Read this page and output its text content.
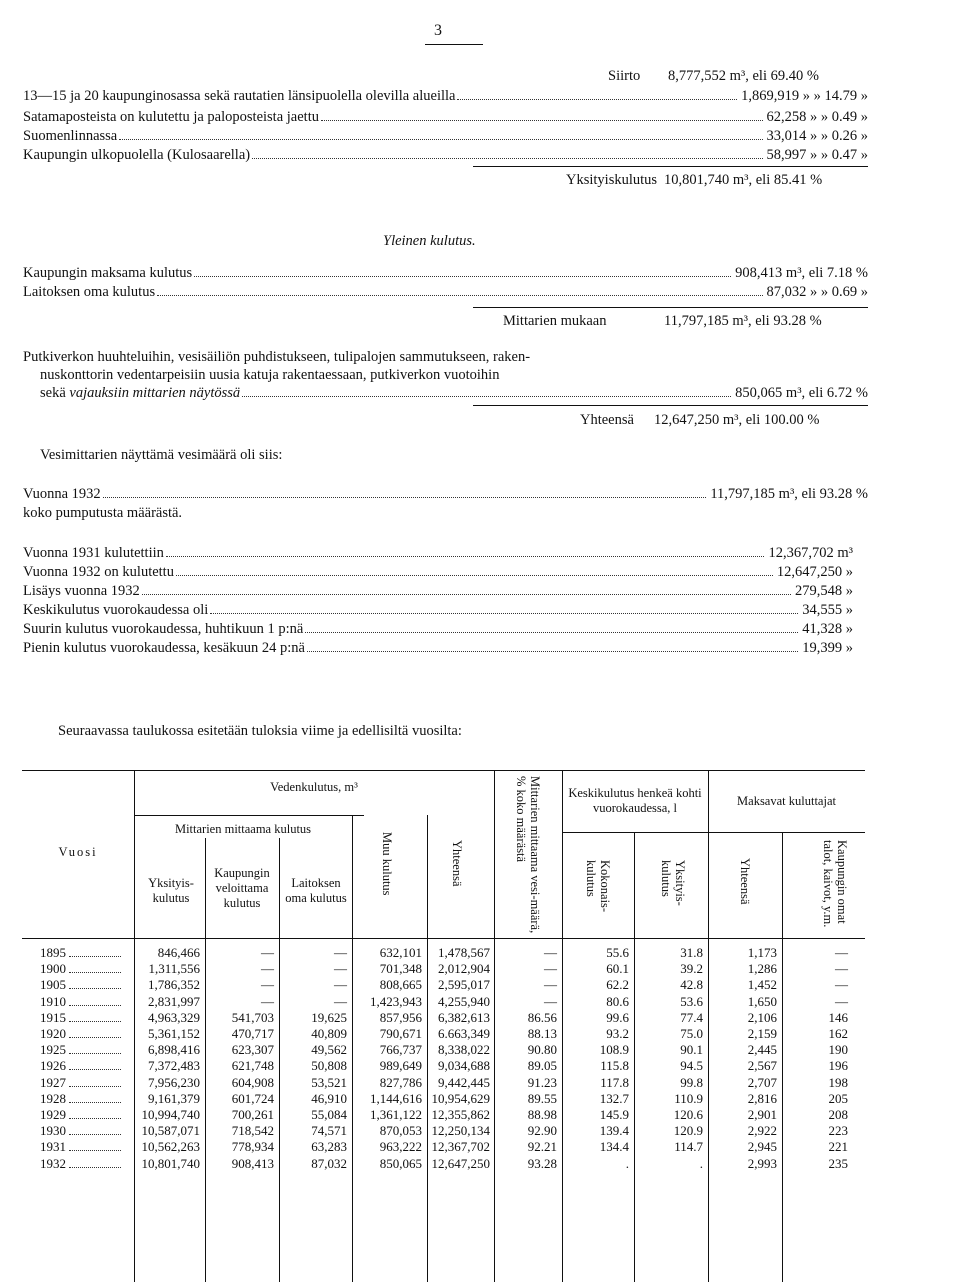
3
Siirto 8,777,552 m³, eli 69.40 %
13—15 ja 20 kaupunginosassa sekä rautatien länsipuolella olevilla alueilla	1,869,919 » » 14.79 »
Satamaposteista on kulutettu ja paloposteista jaettu	62,258 » » 0.49 »
Suomenlinnassa	33,014 » » 0.26 »
Kaupungin ulkopuolella (Kulosaarella)	58,997 » » 0.47 »
Yksityiskulutus 10,801,740 m³, eli 85.41 %
Yleinen kulutus.
Kaupungin maksama kulutus	908,413 m³, eli 7.18 %
Laitoksen oma kulutus	87,032 » » 0.69 »
Mittarien mukaan	11,797,185 m³, eli 93.28 %
Putkiverkon huuhteluihin, vesisäiliön puhdistukseen, tulipalojen sammutukseen, raken-
nuskonttorin vedentarpeisiin uusia katuja rakentaessaan, putkiverkon vuotoihin
sekä vajauksiin mittarien näytössä	850,065 m³, eli 6.72 %
Yhteensä 12,647,250 m³, eli 100.00 %
Vesimittarien näyttämä vesimäärä oli siis:
Vuonna 1932	11,797,185 m³, eli 93.28 %
koko pumputusta määrästä.
Vuonna 1931 kulutettiin	12,367,702 m³
Vuonna 1932 on kulutettu	12,647,250 »
Lisäys vuonna 1932	279,548 »
Keskikulutus vuorokaudessa oli	34,555 »
Suurin kulutus vuorokaudessa, huhtikuun 1 p:nä	41,328 »
Pienin kulutus vuorokaudessa, kesäkuun 24 p:nä	19,399 »
Seuraavassa taulukossa esitetään tuloksia viime ja edellisiltä vuosilta:
Vuosi
Vedenkulutus, m³
Mittarien mittaama kulutus
Yksityis-kulutus
Kaupungin veloittama kulutus
Laitoksen oma kulutus
Muu kulutus	Yhteensä	Mittarien mittaama vesi-määrä, % koko määrästä	Keskikulutus henkeä kohti vuorokaudessa, l
Kokonais-kulutus	Yksityis-kulutus
Maksavat kuluttajat
Yhteensä	Kaupungin omat talot, kaivot, y.m.
1895	846,466	—	—	632,101	1,478,567	—	55.6	31.8	1,173	—
1900	1,311,556	—	—	701,348	2,012,904	—	60.1	39.2	1,286	—
1905	1,786,352	—	—	808,665	2,595,017	—	62.2	42.8	1,452	—
1910	2,831,997	—	—	1,423,943	4,255,940	—	80.6	53.6	1,650	—
1915	4,963,329	541,703	19,625	857,956	6,382,613	86.56	99.6	77.4	2,106	146
1920	5,361,152	470,717	40,809	790,671	6.663,349	88.13	93.2	75.0	2,159	162
1925	6,898,416	623,307	49,562	766,737	8,338,022	90.80	108.9	90.1	2,445	190
1926	7,372,483	621,748	50,808	989,649	9,034,688	89.05	115.8	94.5	2,567	196
1927	7,956,230	604,908	53,521	827,786	9,442,445	91.23	117.8	99.8	2,707	198
1928	9,161,379	601,724	46,910	1,144,616 10,954,629	89.55	132.7	110.9	2,816	205
1929	10,994,740	700,261	55,084	1,361,122 12,355,862	88.98	145.9	120.6	2,901	208
1930	10,587,071	718,542	74,571	870,053 12,250,134	92.90	139.4	120.9	2,922	223
1931	10,562,263	778,934	63,283	963,222 12,367,702	92.21	134.4	114.7	2,945	221
1932	10,801,740	908,413	87,032	850,065 12,647,250	93.28	.	.	2,993	235
